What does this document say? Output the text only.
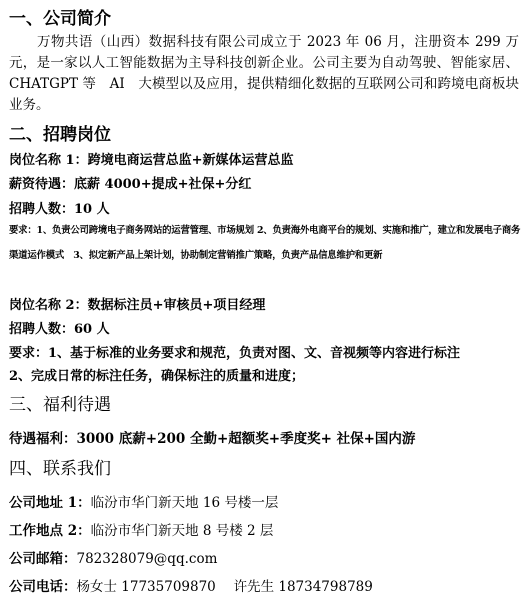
一、公司简介
万物共语（山西）数据科技有限公司成立于 2023 年 06 月，注册资本 299 万元，是一家以人工智能数据为主导科技创新企业。公司主要为自动驾驶、智能家居、CHATGPT 等　AI　大模型以及应用，提供精细化数据的互联网公司和跨境电商板块业务。
二、招聘岗位
岗位名称 1：跨境电商运营总监+新媒体运营总监
薪资待遇：底薪 4000+提成+社保+分红
招聘人数：10 人
要求：1、负责公司跨境电子商务网站的运营管理、市场规划 2、负责海外电商平台的规划、实施和推广，建立和发展电子商务渠道运作模式　3、拟定新产品上架计划，协助制定营销推广策略，负责产品信息维护和更新
岗位名称 2：数据标注员+审核员+项目经理
招聘人数：60 人
要求：1、基于标准的业务要求和规范，负责对图、文、音视频等内容进行标注
2、完成日常的标注任务，确保标注的质量和进度；
三、福利待遇
待遇福利：3000 底薪+200 全勤+超额奖+季度奖+ 社保+国内游
四、联系我们
公司地址 1：临汾市华门新天地 16 号楼一层
工作地点 2：临汾市华门新天地 8 号楼 2 层
公司邮箱：782328079@qq.com
公司电话：杨女士 17735709870　 许先生 18734798789
